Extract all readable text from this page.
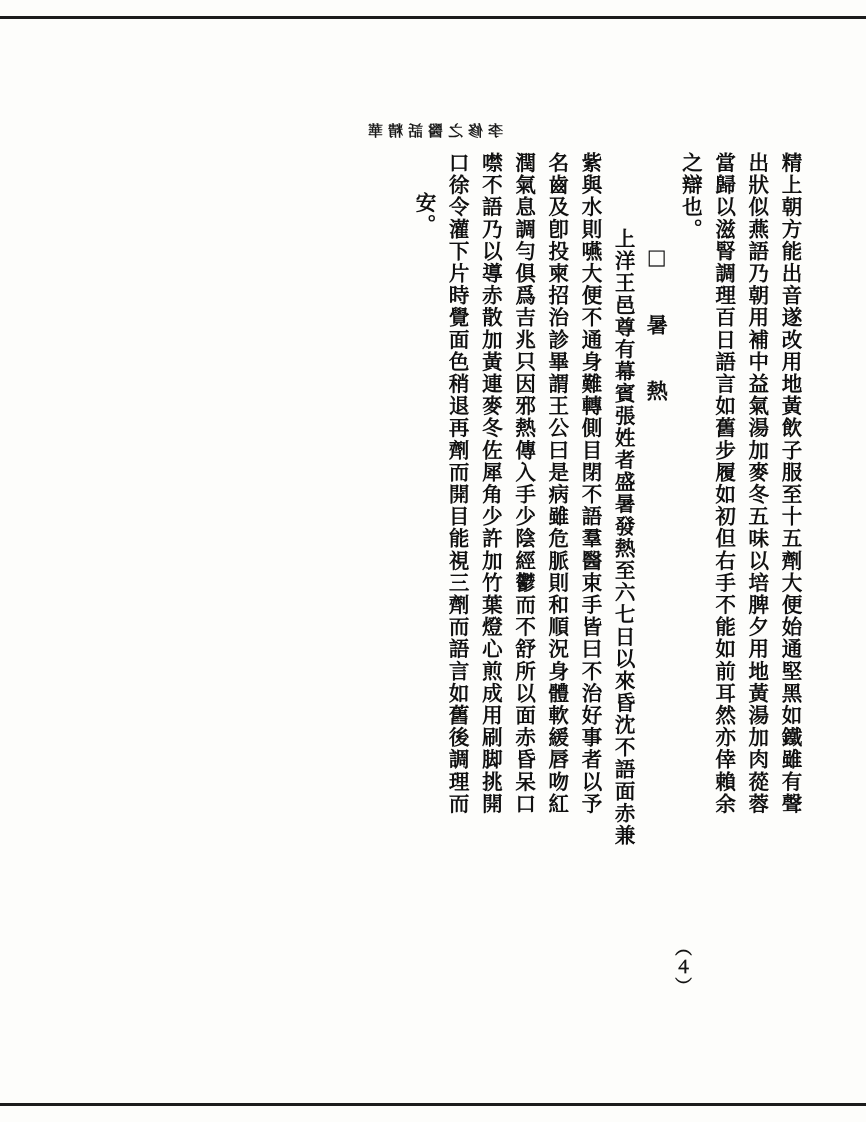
李修之醫話精華
精上朝方能出音遂改用地黃飲子服至十五劑大便始通堅黑如鐵雖有聲
出狀似燕語乃朝用補中益氣湯加麥冬五味以培脾夕用地黃湯加肉蓯蓉
當歸以滋腎調理百日語言如舊步履如初但右手不能如前耳然亦倖賴余
之辯也。
□　暑　熱
上洋王邑尊有幕賓張姓者盛暑發熱至六七日以來昏沈不語面赤兼
紫與水則嚥大便不通身難轉側目閉不語羣醫束手皆曰不治好事者以予
名齒及卽投柬招治診畢謂王公曰是病雖危脈則和順況身體軟緩唇吻紅
潤氣息調勻俱爲吉兆只因邪熱傳入手少陰經鬱而不舒所以面赤昏呆口
噤不語乃以導赤散加黃連麥冬佐犀角少許加竹葉燈心煎成用刷脚挑開
口徐令灌下片時覺面色稍退再劑而開目能視三劑而語言如舊後調理而
安。
（４）
